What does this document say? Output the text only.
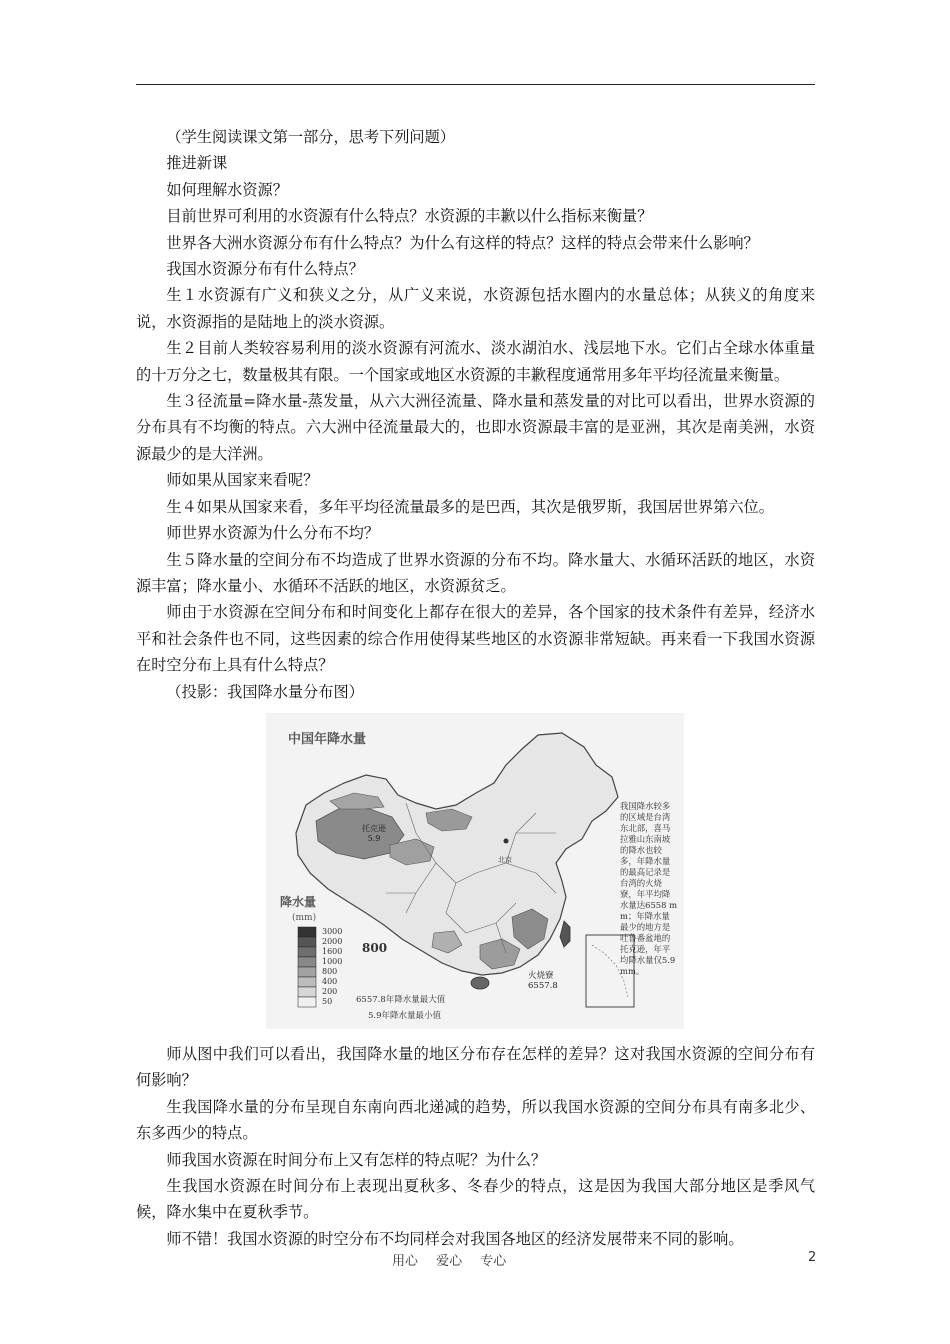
（学生阅读课文第一部分，思考下列问题）

推进新课

如何理解水资源？

目前世界可利用的水资源有什么特点？水资源的丰歉以什么指标来衡量？

世界各大洲水资源分布有什么特点？为什么有这样的特点？这样的特点会带来什么影响？

我国水资源分布有什么特点？

生１水资源有广义和狭义之分，从广义来说，水资源包括水圈内的水量总体；从狭义的角度来说，水资源指的是陆地上的淡水资源。

生２目前人类较容易利用的淡水资源有河流水、淡水湖泊水、浅层地下水。它们占全球水体重量的十万分之七，数量极其有限。一个国家或地区水资源的丰歉程度通常用多年平均径流量来衡量。

生３径流量=降水量-蒸发量，从六大洲径流量、降水量和蒸发量的对比可以看出，世界水资源的分布具有不均衡的特点。六大洲中径流量最大的，也即水资源最丰富的是亚洲，其次是南美洲，水资源最少的是大洋洲。

师如果从国家来看呢？

生４如果从国家来看，多年平均径流量最多的是巴西，其次是俄罗斯，我国居世界第六位。

师世界水资源为什么分布不均？

生５降水量的空间分布不均造成了世界水资源的分布不均。降水量大、水循环活跃的地区，水资源丰富；降水量小、水循环不活跃的地区，水资源贫乏。

师由于水资源在空间分布和时间变化上都存在很大的差异，各个国家的技术条件有差异，经济水平和社会条件也不同，这些因素的综合作用使得某些地区的水资源非常短缺。再来看一下我国水资源在时空分布上具有什么特点？

（投影：我国降水量分布图）

中国年降水量
我国降水较多的区域是台湾东北部，喜马拉雅山东南坡的降水也较多，年降水量的最高记录是台湾的火烧寮，年平均降水量达6558 mm；年降水量最少的地方是吐鲁番盆地的托克逊，年平均降水量仅5.9 mm。
降水量
(mm)
3000
2000
1600
1000
800
400
200
50
800
托克逊
5.9
北京
火烧寮
6557.8
6557.8年降水量最大值
5.9年降水量最小值

师从图中我们可以看出，我国降水量的地区分布存在怎样的差异？这对我国水资源的空间分布有何影响？

生我国降水量的分布呈现自东南向西北递减的趋势，所以我国水资源的空间分布具有南多北少、东多西少的特点。

师我国水资源在时间分布上又有怎样的特点呢？为什么？

生我国水资源在时间分布上表现出夏秋多、冬春少的特点，这是因为我国大部分地区是季风气候，降水集中在夏秋季节。

师不错！我国水资源的时空分布不均同样会对我国各地区的经济发展带来不同的影响。

用心 爱心 专心	2
